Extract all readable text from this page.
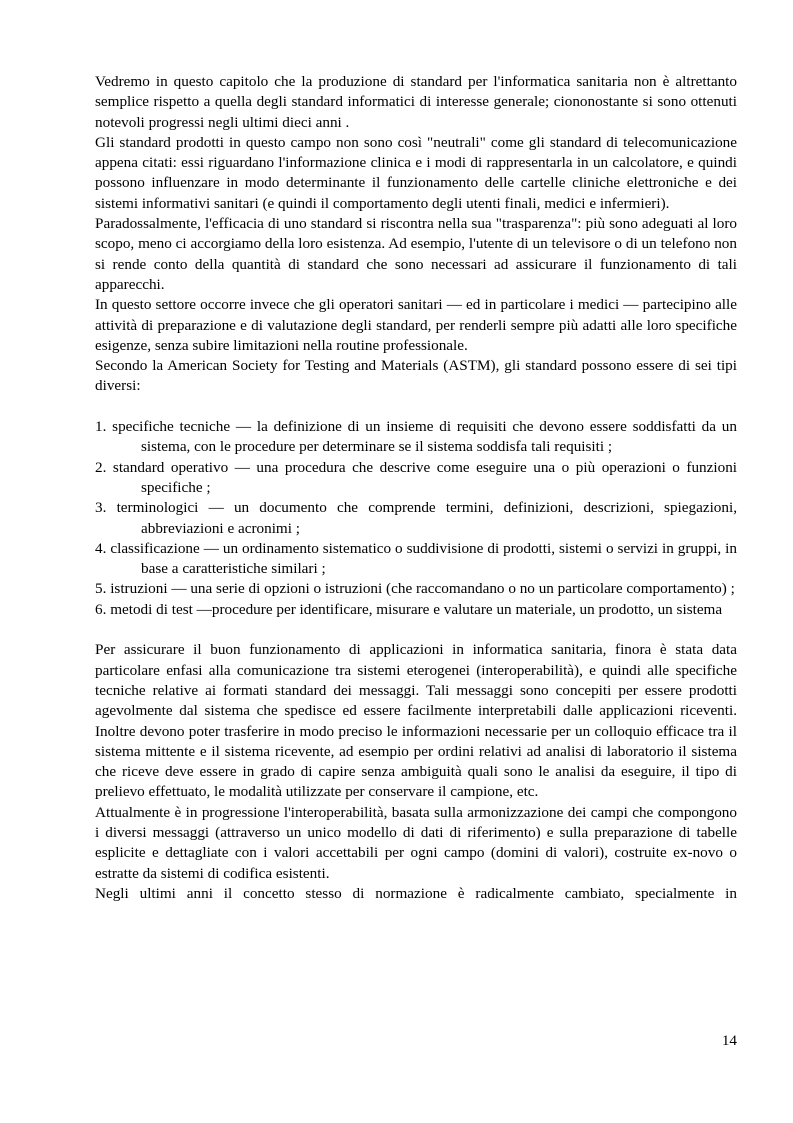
Vedremo in questo capitolo che la produzione di standard per l'informatica sanitaria non è altrettanto semplice rispetto a quella degli standard informatici di interesse generale; ciononostante si sono ottenuti notevoli progressi negli ultimi dieci anni .

Gli standard prodotti in questo campo non sono così "neutrali" come gli standard di telecomunicazione appena citati: essi riguardano l'informazione clinica e i modi di rappresentarla in un calcolatore, e quindi possono influenzare in modo determinante il funzionamento delle cartelle cliniche elettroniche e dei sistemi informativi sanitari (e quindi il comportamento degli utenti finali, medici e infermieri).

Paradossalmente, l'efficacia di uno standard si riscontra nella sua "trasparenza": più sono adeguati al loro scopo, meno ci accorgiamo della loro esistenza. Ad esempio, l'utente di un televisore o di un telefono non si rende conto della quantità di standard che sono necessari ad assicurare il funzionamento di tali apparecchi.

In questo settore occorre invece che gli operatori sanitari — ed in particolare i medici — partecipino alle attività di preparazione e di valutazione degli standard, per renderli sempre più adatti alle loro specifiche esigenze, senza subire limitazioni nella routine professionale.

Secondo la American Society for Testing and Materials (ASTM), gli standard possono essere di sei tipi diversi:

1. specifiche tecniche — la definizione di un insieme di requisiti che devono essere soddisfatti da un sistema, con le procedure per determinare se il sistema soddisfa tali requisiti ;
2. standard operativo — una procedura che descrive come eseguire una o più operazioni o funzioni specifiche ;
3. terminologici — un documento che comprende termini, definizioni, descrizioni, spiegazioni, abbreviazioni e acronimi ;
4. classificazione — un ordinamento sistematico o suddivisione di prodotti, sistemi o servizi in gruppi, in base a caratteristiche similari ;
5. istruzioni — una serie di opzioni o istruzioni (che raccomandano o no un particolare comportamento) ;
6. metodi di test —procedure per identificare, misurare e valutare un materiale, un prodotto, un sistema

Per assicurare il buon funzionamento di applicazioni in informatica sanitaria, finora è stata data particolare enfasi alla comunicazione tra sistemi eterogenei (interoperabilità), e quindi alle specifiche tecniche relative ai formati standard dei messaggi. Tali messaggi sono concepiti per essere prodotti agevolmente dal sistema che spedisce ed essere facilmente interpretabili dalle applicazioni riceventi. Inoltre devono poter trasferire in modo preciso le informazioni necessarie per un colloquio efficace tra il sistema mittente e il sistema ricevente, ad esempio per ordini relativi ad analisi di laboratorio il sistema che riceve deve essere in grado di capire senza ambiguità quali sono le analisi da eseguire, il tipo di prelievo effettuato, le modalità utilizzate per conservare il campione, etc.

Attualmente è in progressione l'interoperabilità, basata sulla armonizzazione dei campi che compongono i diversi messaggi (attraverso un unico modello di dati di riferimento) e sulla preparazione di tabelle esplicite e dettagliate con i valori accettabili per ogni campo (domini di valori), costruite ex-novo o estratte da sistemi di codifica esistenti.

Negli ultimi anni il concetto stesso di normazione è radicalmente cambiato, specialmente in

14
